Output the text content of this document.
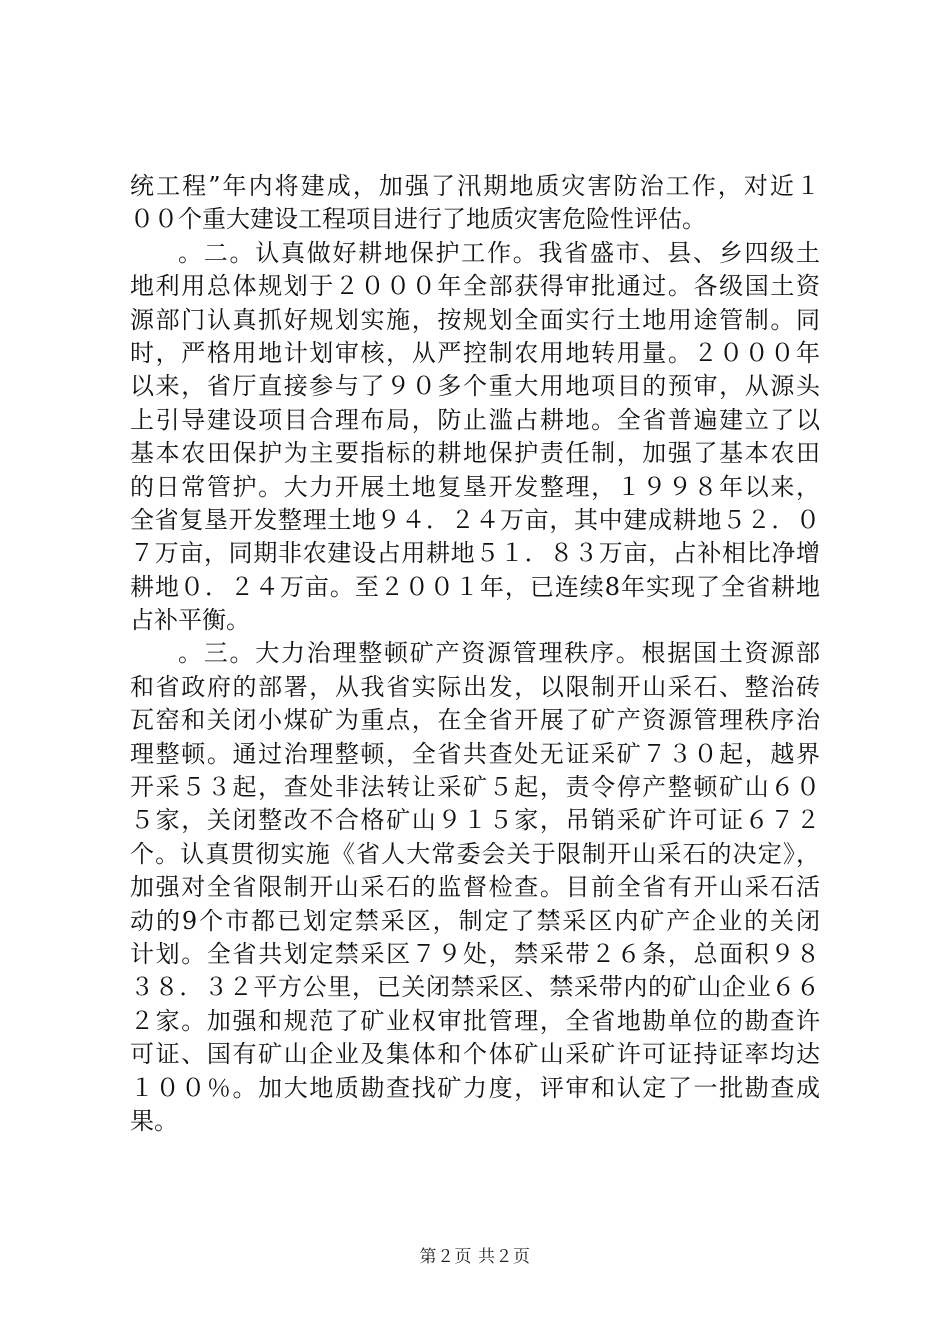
统工程”年内将建成，加强了汛期地质灾害防治工作，对近１
００个重大建设工程项目进行了地质灾害危险性评估。
。二。认真做好耕地保护工作。我省盛市、县、乡四级土
地利用总体规划于２０００年全部获得审批通过。各级国土资
源部门认真抓好规划实施，按规划全面实行土地用途管制。同
时，严格用地计划审核，从严控制农用地转用量。２０００年
以来，省厅直接参与了９０多个重大用地项目的预审，从源头
上引导建设项目合理布局，防止滥占耕地。全省普遍建立了以
基本农田保护为主要指标的耕地保护责任制，加强了基本农田
的日常管护。大力开展土地复垦开发整理，１９９８年以来，
全省复垦开发整理土地９４．２４万亩，其中建成耕地５２．０
７万亩，同期非农建设占用耕地５１．８３万亩，占补相比净增
耕地０．２４万亩。至２００１年，已连续8年实现了全省耕地
占补平衡。
。三。大力治理整顿矿产资源管理秩序。根据国土资源部
和省政府的部署，从我省实际出发，以限制开山采石、整治砖
瓦窑和关闭小煤矿为重点，在全省开展了矿产资源管理秩序治
理整顿。通过治理整顿，全省共查处无证采矿７３０起，越界
开采５３起，查处非法转让采矿５起，责令停产整顿矿山６０
５家，关闭整改不合格矿山９１５家，吊销采矿许可证６７２
个。认真贯彻实施《省人大常委会关于限制开山采石的决定》，
加强对全省限制开山采石的监督检查。目前全省有开山采石活
动的9个市都已划定禁采区，制定了禁采区内矿产企业的关闭
计划。全省共划定禁采区７９处，禁采带２６条，总面积９８
３８．３２平方公里，已关闭禁采区、禁采带内的矿山企业６６
２家。加强和规范了矿业权审批管理，全省地勘单位的勘查许
可证、国有矿山企业及集体和个体矿山采矿许可证持证率均达
１００％。加大地质勘查找矿力度，评审和认定了一批勘查成
果。
第２页 共２页
